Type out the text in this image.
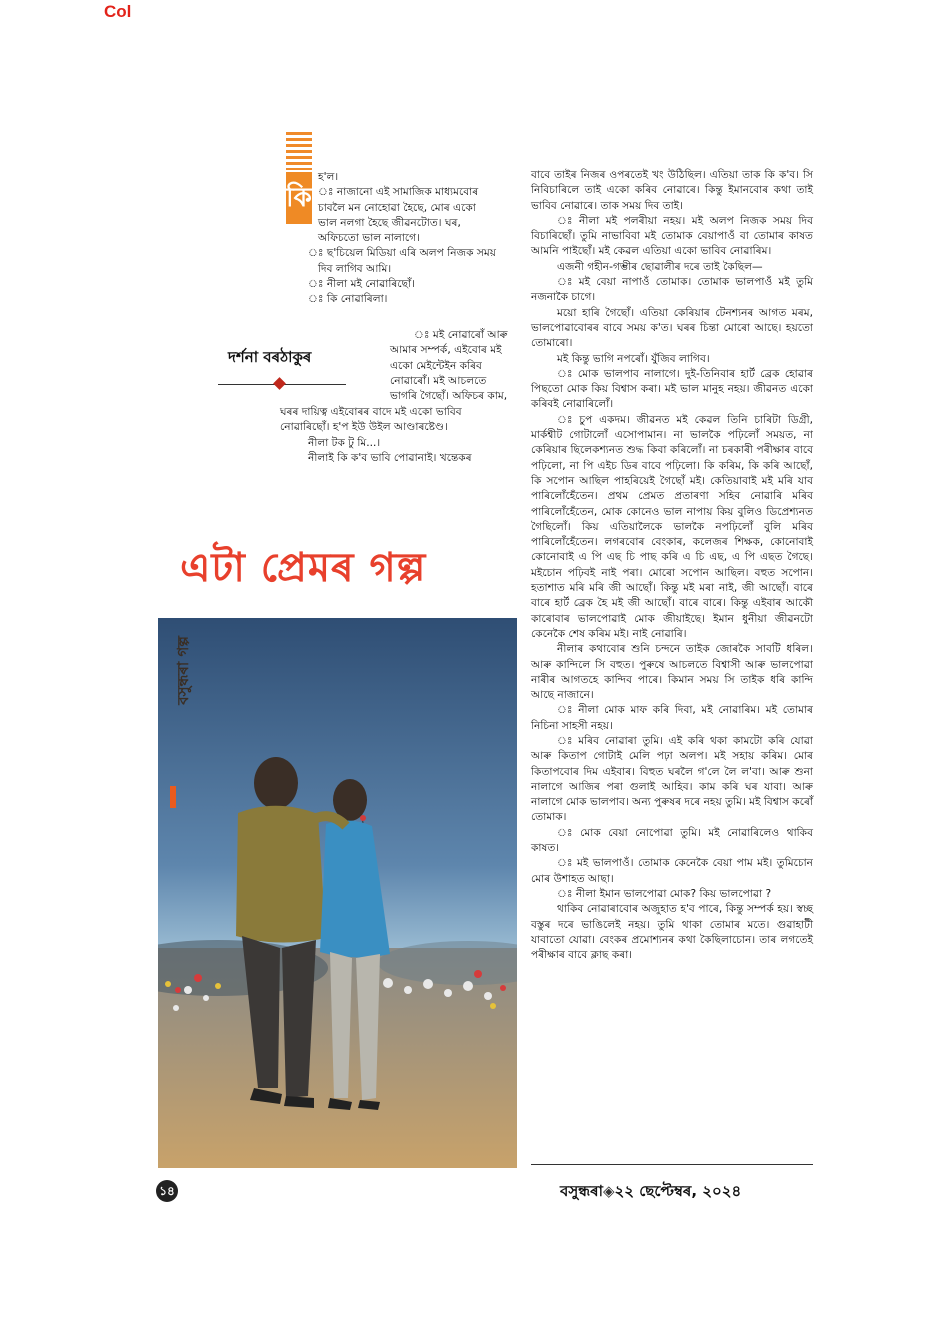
Col
কি

হ'ল।

ঃ নাজানো এই সামাজিক মাধ্যমবোৰ

চাবলৈ মন নোহোৱা হৈছে, মোৰ একো

ভাল নলগা হৈছে জীৱনটোত। ঘৰ,

অফিচতো ভাল নালাগে।

ঃ ছ'চিয়েল মিডিয়া এৰি অলপ নিজক সময়

দিব লাগিব আমি।

ঃ নীলা মই নোৱাৰিছোঁ।

ঃ কি নোৱাৰিলা।

দৰ্শনা বৰঠাকুৰ

ঃ মই নোৱাৰোঁ আৰু

আমাৰ সম্পৰ্ক, এইবোৰ মই

একো মেইন্টেইন কৰিব

নোৱাৰোঁ। মই আচলতে

ভাগৰি গৈছোঁ। অফিচৰ কাম,

ঘৰৰ দায়িত্ব এইবোৰৰ বাদে মই একো ভাবিব

নোৱাৰিছোঁ। হ'প ইউ উইল আণ্ডাৰষ্টেণ্ড।

নীলা টক টু মি...।

নীলাই কি ক'ব ভাবি পোৱানাই। খন্তেকৰ

এটা প্ৰেমৰ গল্প
বসুন্ধৰা গল্প

বাবে তাইৰ নিজৰ ওপৰতেই খং উঠিছিল। এতিয়া তাক কি ক'ব। সি নিবিচাৰিলে তাই একো কৰিব নোৱাৰে। কিন্তু ইমানবোৰ কথা তাই ভাবিব নোৱাৰে। তাক সময় দিব তাই।

ঃ নীলা মই পলৰীয়া নহয়। মই অলপ নিজক সময় দিব বিচাৰিছোঁ। তুমি নাভাবিবা মই তোমাক বেয়াপাওঁ বা তোমাৰ কাষত আমনি পাইছোঁ। মই কেৱল এতিয়া একো ভাবিব নোৱাৰিম।

এজনী গহীন-গম্ভীৰ ছোৱালীৰ দৰে তাই কৈছিল—

ঃ মই বেয়া নাপাওঁ তোমাক। তোমাক ভালপাওঁ মই তুমি নজনাকৈ চাগে।

ময়ো হাৰি গৈছোঁ। এতিয়া কেৰিয়াৰ টেনশ্যনৰ আগত মৰম, ভালপোৱাবোৰৰ বাবে সময় ক'ত। ঘৰৰ চিন্তা মোৰো আছে। হয়তো তোমাৰো।

মই কিন্তু ভাগি নপৰোঁ। যুঁজিব লাগিব।

ঃ মোক ভালপাব নালাগে। দুই-তিনিবাৰ হাৰ্ট ব্ৰেক হোৱাৰ পিছতো মোক কিয় বিশ্বাস কৰা। মই ভাল মানুহ নহয়। জীৱনত একো কৰিবই নোৱাৰিলোঁ।

ঃ চুপ একদম। জীৱনত মই কেৱল তিনি চাৰিটা ডিগ্ৰী, মাৰ্কশ্বীট গোটালোঁ এসোপামান। না ভালকৈ পঢ়িলোঁ সময়ত, না কেৰিয়াৰ ছিলেকশ্যনত শুদ্ধ কিবা কৰিলোঁ। না চৰকাৰী পৰীক্ষাৰ বাবে পঢ়িলো, না পি এইচ ডিৰ বাবে পঢ়িলো। কি কৰিম, কি কৰি আছোঁ, কি সপোন আছিল পাহৰিয়েই গৈছোঁ মই। কেতিয়াবাই মই মৰি যাব পাৰিলোঁহেঁতেন। প্ৰথম প্ৰেমত প্ৰতাৰণা সহিব নোৱাৰি মৰিব পাৰিলোঁহেঁতেন, মোক কোনেও ভাল নাপায় কিয় বুলিও ডিপ্ৰেশ্যনত গৈছিলোঁ। কিয় এতিয়ালৈকে ভালকৈ নপঢ়িলোঁ বুলি মৰিব পাৰিলোঁহেঁতেন। লগৰবোৰ বেংকাৰ, কলেজৰ শিক্ষক, কোনোবাই কোনোবাই এ পি এছ চি পাছ কৰি এ চি এছ, এ পি এছত গৈছে। মইচোন পঢ়িবই নাই পৰা। মোৰো সপোন আছিল। বহুত সপোন। হতাশাত মৰি মৰি জী আছোঁ। কিন্তু মই মৰা নাই, জী আছোঁ। বাৰে বাৰে হাৰ্ট ব্ৰেক হৈ মই জী আছোঁ। বাৰে বাৰে। কিন্তু এইবাৰ আকৌ কাৰোবাৰ ভালপোৱাই মোক জীয়াইছে। ইমান ধুনীয়া জীৱনটো কেনেকৈ শেষ কৰিম মই। নাই নোৱাৰি।

নীলাৰ কথাবোৰ শুনি চন্দনে তাইক জোৰকৈ সাবটি ধৰিল। আৰু কান্দিলে সি বহুত। পুৰুষে আচলতে বিশ্বাসী আৰু ভালপোৱা নাৰীৰ আগতহে কান্দিব পাৰে। কিমান সময় সি তাইক ধৰি কান্দি আছে নাজানে।

ঃ নীলা মোক মাফ কৰি দিবা, মই নোৱাৰিম। মই তোমাৰ নিচিনা সাহসী নহয়।

ঃ মৰিব নোৱাৰা তুমি। এই কৰি থকা কামটো কৰি যোৱা আৰু কিতাপ গোটাই মেলি পঢ়া অলপ। মই সহায় কৰিম। মোৰ কিতাপবোৰ দিম এইবাৰ। বিহুত ঘৰলৈ গ'লে লৈ ল'বা। আৰু শুনা নালাগে আজিৰ পৰা গুলাই আহিব। কাম কৰি ঘৰ যাবা। আৰু নালাগে মোক ভালপাব। অন্য পুৰুষৰ দৰে নহয় তুমি। মই বিশ্বাস কৰোঁ তোমাক।

ঃ মোক বেয়া নোপোৱা তুমি। মই নোৱাৰিলেও থাকিব কাষত।

ঃ মই ভালপাওঁ। তোমাক কেনেকৈ বেয়া পাম মই। তুমিচোন মোৰ উশাহত আছা।

ঃ নীলা ইমান ভালপোৱা মোক? কিয় ভালপোৱা ?

থাকিব নোৱাৰাবোৰ অজুহাত হ'ব পাৰে, কিন্তু সম্পৰ্ক হয়। স্বচ্ছ বস্তুৰ দৰে ভাঙিলেই নহয়। তুমি থাকা তোমাৰ মতে। গুৱাহাটী যাবাতো যোৱা। বেংকৰ প্ৰমোশ্যনৰ কথা কৈছিলাচোন। তাৰ লগতেই পৰীক্ষাৰ বাবে ক্লাছ কৰা।

১৪	বসুন্ধৰা◈২২ ছেপ্টেম্বৰ, ২০২৪
